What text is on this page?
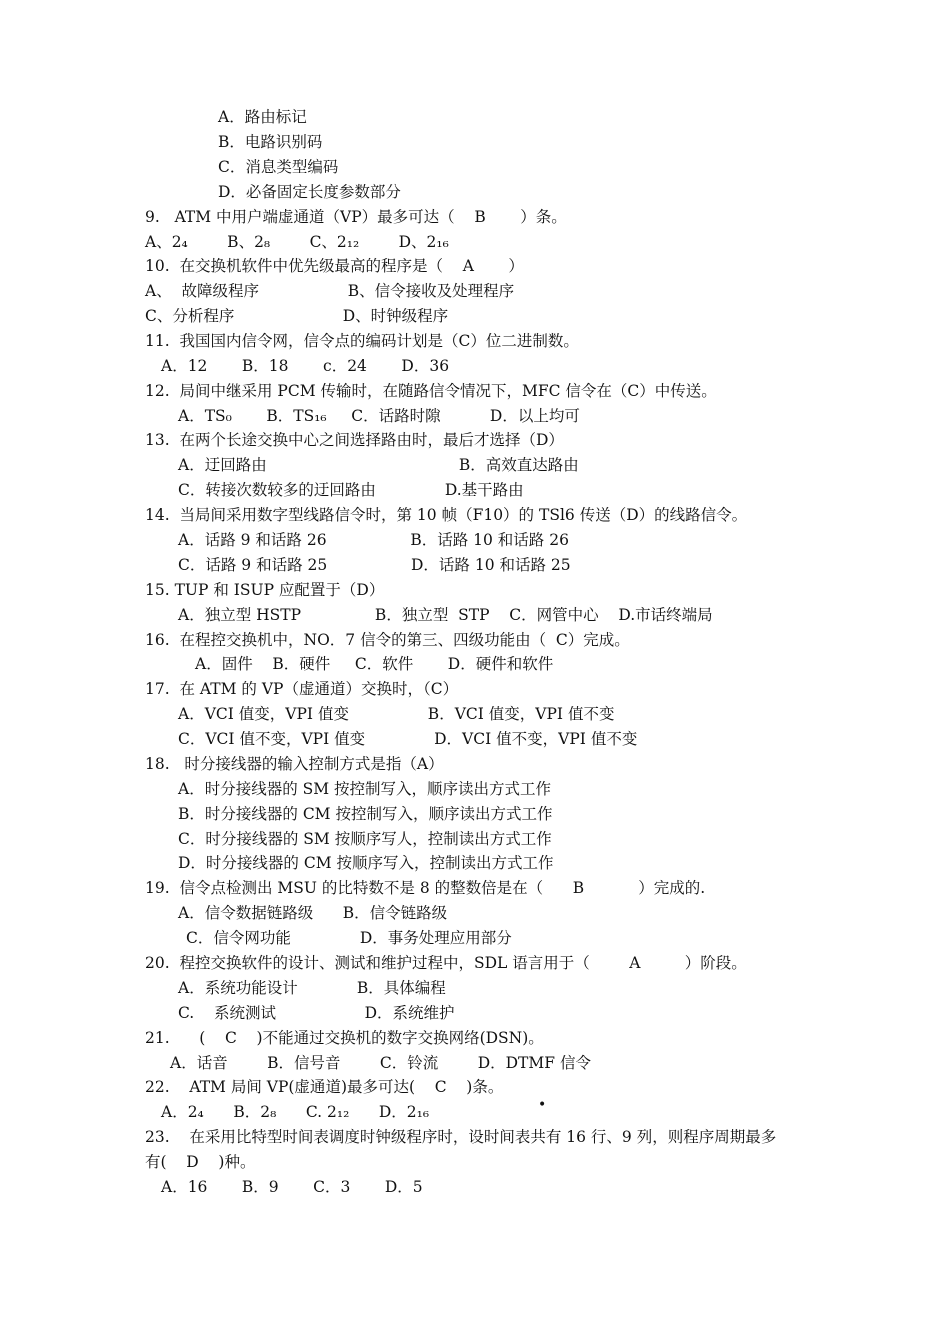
A．路由标记
B．电路识别码
C．消息类型编码
D．必备固定长度参数部分
9.   ATM 中用户端虚通道（VP）最多可达（    B       ）条。
A、2₄        B、2₈        C、2₁₂        D、2₁₆
10.  在交换机软件中优先级最高的程序是（    A       ）
A、  故障级程序                  B、信令接收及处理程序
C、分析程序                      D、时钟级程序
11.  我国国内信令网，信令点的编码计划是（C）位二进制数。
A．12       B．18       c．24       D．36
12.  局间中继采用 PCM 传输时，在随路信令情况下，MFC 信令在（C）中传送。
A．TS₀       B．TS₁₆     C．话路时隙          D．以上均可
13.  在两个长途交换中心之间选择路由时，最后才选择（D）
A．迂回路由                                       B．高效直达路由
C．转接次数较多的迂回路由              D.基干路由
14.  当局间采用数字型线路信令时，第 10 帧（F10）的 TSl6 传送（D）的线路信令。
A．话路 9 和话路 26                 B．话路 10 和话路 26
C．话路 9 和话路 25                 D．话路 10 和话路 25
15. TUP 和 ISUP 应配置于（D）
A．独立型 HSTP               B．独立型  STP    C．网管中心    D.市话终端局
16.  在程控交换机中，NO．7 信令的第三、四级功能由（  C）完成。
A．固件    B．硬件     C．软件       D．硬件和软件
17.  在 ATM 的 VP（虚通道）交换时，（C）
A．VCI 值变，VPI 值变                B．VCI 值变，VPI 值不变
C．VCI 值不变，VPI 值变              D．VCI 值不变，VPI 值不变
18.   时分接线器的输入控制方式是指（A）
A．时分接线器的 SM 按控制写入，顺序读出方式工作
B．时分接线器的 CM 按控制写入，顺序读出方式工作
C．时分接线器的 SM 按顺序写人，控制读出方式工作
D．时分接线器的 CM 按顺序写入，控制读出方式工作
19.  信令点检测出 MSU 的比特数不是 8 的整数倍是在（      B           ）完成的.
A．信令数据链路级      B．信令链路级
C．信令网功能              D．事务处理应用部分
20.  程控交换软件的设计、测试和维护过程中，SDL 语言用于（        A         ）阶段。
A．系统功能设计            B．具体编程
C.    系统测试                  D．系统维护
21.      (    C    )不能通过交换机的数字交换网络(DSN)。
A．话音        B．信号音        C．铃流        D．DTMF 信令
22.    ATM 局间 VP(虚通道)最多可达(    C    )条。
A．2₄      B．2₈      C. 2₁₂      D．2₁₆
23.    在采用比特型时间表调度时钟级程序时，设时间表共有 16 行、9 列，则程序周期最多
有(    D    )种。
A．16       B．9       C．3       D．5
•
